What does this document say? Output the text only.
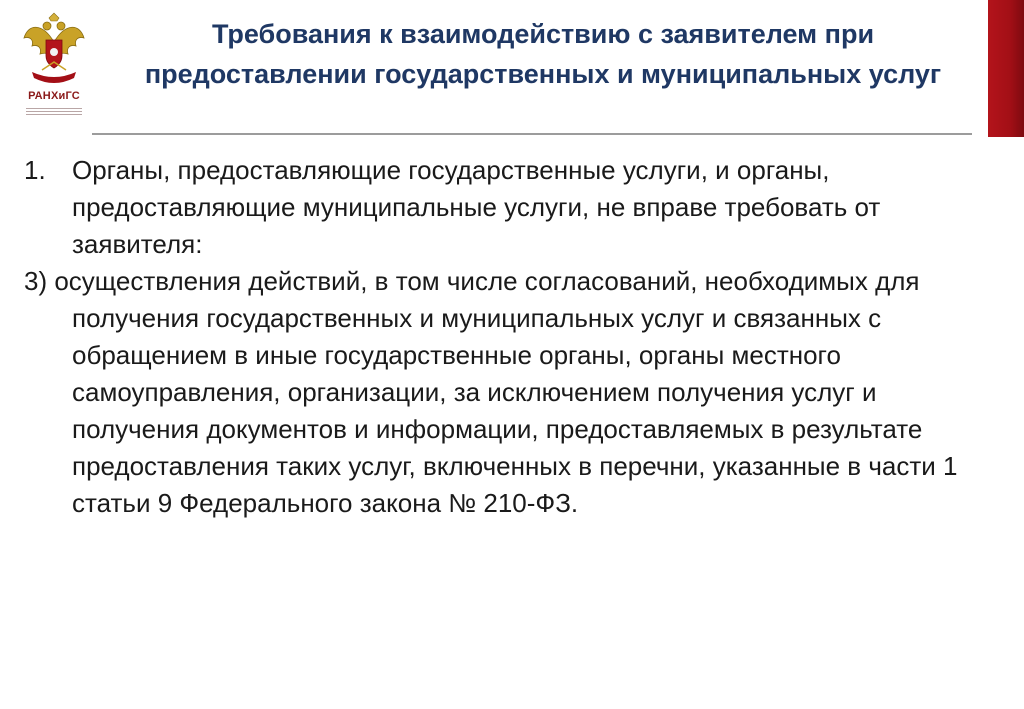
РАНХиГС
Требования к взаимодействию с заявителем при предоставлении государственных и муниципальных услуг
1. Органы, предоставляющие государственные услуги, и органы, предоставляющие муниципальные услуги, не вправе требовать от заявителя:

3) осуществления действий, в том числе согласований, необходимых для получения государственных и муниципальных услуг и связанных с обращением в иные государственные органы, органы местного самоуправления, организации, за исключением получения услуг и получения документов и информации, предоставляемых в результате предоставления таких услуг, включенных в перечни, указанные в части 1 статьи 9 Федерального закона № 210-ФЗ.
